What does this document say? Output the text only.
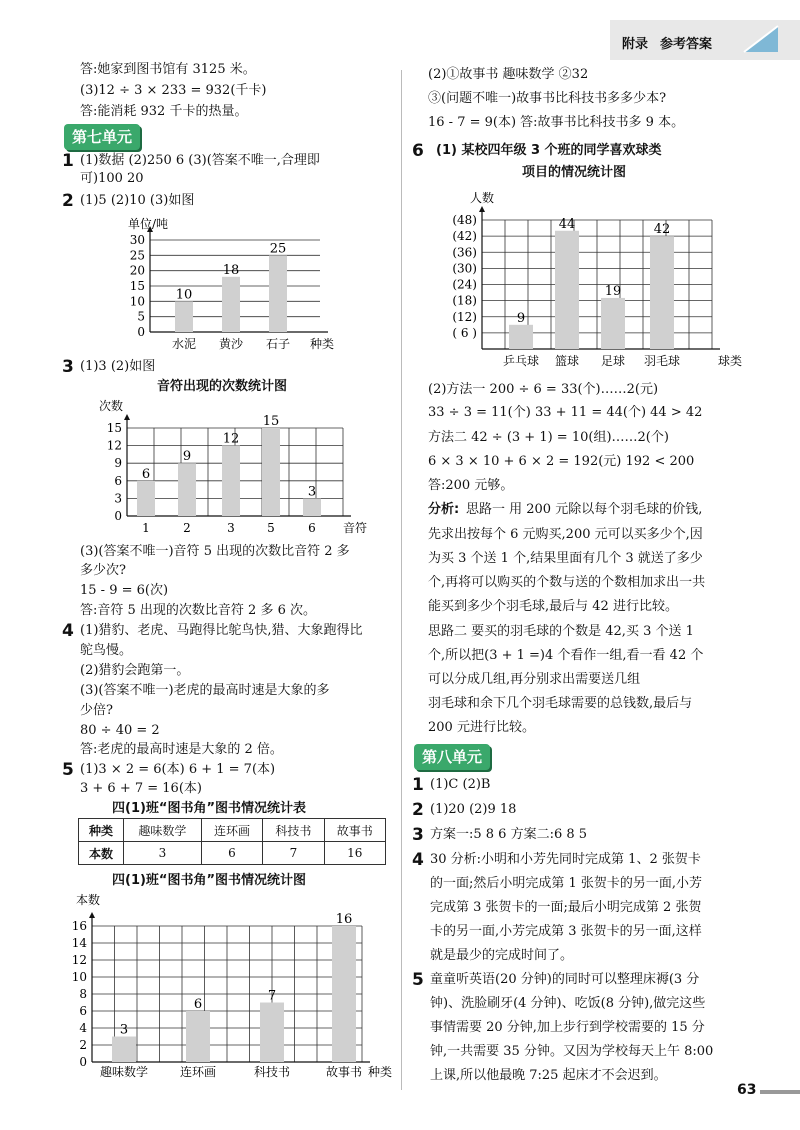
附录 参考答案
答:她家到图书馆有 3125 米。
(3)12 ÷ 3 × 233 = 932(千卡)
答:能消耗 932 千卡的热量。
第七单元
1 (1)数据 (2)250 6 (3)(答案不唯一,合理即
可)100 20
2 (1)5 (2)10 (3)如图
0
5
10
15
20
25
30
单位/吨
10
水泥
18
黄沙
25
石子 种类
3 (1)3 (2)如图
音符出现的次数统计图
0
3
6
9
12
15
次数
6
1
9
2
12
3
15
5
3
6 音符
(3)(答案不唯一)音符 5 出现的次数比音符 2 多
多少次?
15 - 9 = 6(次)
答:音符 5 出现的次数比音符 2 多 6 次。
4 (1)猎豹、老虎、马跑得比鸵鸟快,猎、大象跑得比
鸵鸟慢。
(2)猎豹会跑第一。
(3)(答案不唯一)老虎的最高时速是大象的多
少倍?
80 ÷ 40 = 2
答:老虎的最高时速是大象的 2 倍。
5 (1)3 × 2 = 6(本) 6 + 1 = 7(本)
3 + 6 + 7 = 16(本)
四(1)班“图书角”图书情况统计表
种类	趣味数学	连环画	科技书	故事书
本数	3	6	7	16
四(1)班“图书角”图书情况统计图
0
2
4
6
8
10
12
14
16
本数
3
趣味数学
6
连环画
7
科技书
16
故事书 种类
(2)①故事书 趣味数学 ②32
③(问题不唯一)故事书比科技书多多少本?
16 - 7 = 9(本) 答:故事书比科技书多 9 本。
6 (1) 某校四年级 3 个班的同学喜欢球类
项目的情况统计图
( 6 )
(12)
(18)
(24)
(30)
(36)
(42)
(48)
人数
9
乒乓球
44
篮球
19
足球
42
羽毛球	球类
(2)方法一 200 ÷ 6 = 33(个)……2(元)
33 ÷ 3 = 11(个) 33 + 11 = 44(个) 44 > 42
方法二 42 ÷ (3 + 1) = 10(组)……2(个)
6 × 3 × 10 + 6 × 2 = 192(元) 192 < 200
答:200 元够。
分析: 思路一 用 200 元除以每个羽毛球的价钱,
先求出按每个 6 元购买,200 元可以买多少个,因
为买 3 个送 1 个,结果里面有几个 3 就送了多少
个,再将可以购买的个数与送的个数相加求出一共
能买到多少个羽毛球,最后与 42 进行比较。
思路二 要买的羽毛球的个数是 42,买 3 个送 1
个,所以把(3 + 1 =)4 个看作一组,看一看 42 个
可以分成几组,再分别求出需要送几组
羽毛球和余下几个羽毛球需要的总钱数,最后与
200 元进行比较。
第八单元
1 (1)C (2)B
2 (1)20 (2)9 18
3 方案一:5 8 6 方案二:6 8 5
4 30 分析:小明和小芳先同时完成第 1、2 张贺卡
的一面;然后小明完成第 1 张贺卡的另一面,小芳
完成第 3 张贺卡的一面;最后小明完成第 2 张贺
卡的另一面,小芳完成第 3 张贺卡的另一面,这样
就是最少的完成时间了。
5 童童听英语(20 分钟)的同时可以整理床褥(3 分
钟)、洗脸刷牙(4 分钟)、吃饭(8 分钟),做完这些
事情需要 20 分钟,加上步行到学校需要的 15 分
钟,一共需要 35 分钟。又因为学校每天上午 8:00
上课,所以他最晚 7:25 起床才不会迟到。
63
